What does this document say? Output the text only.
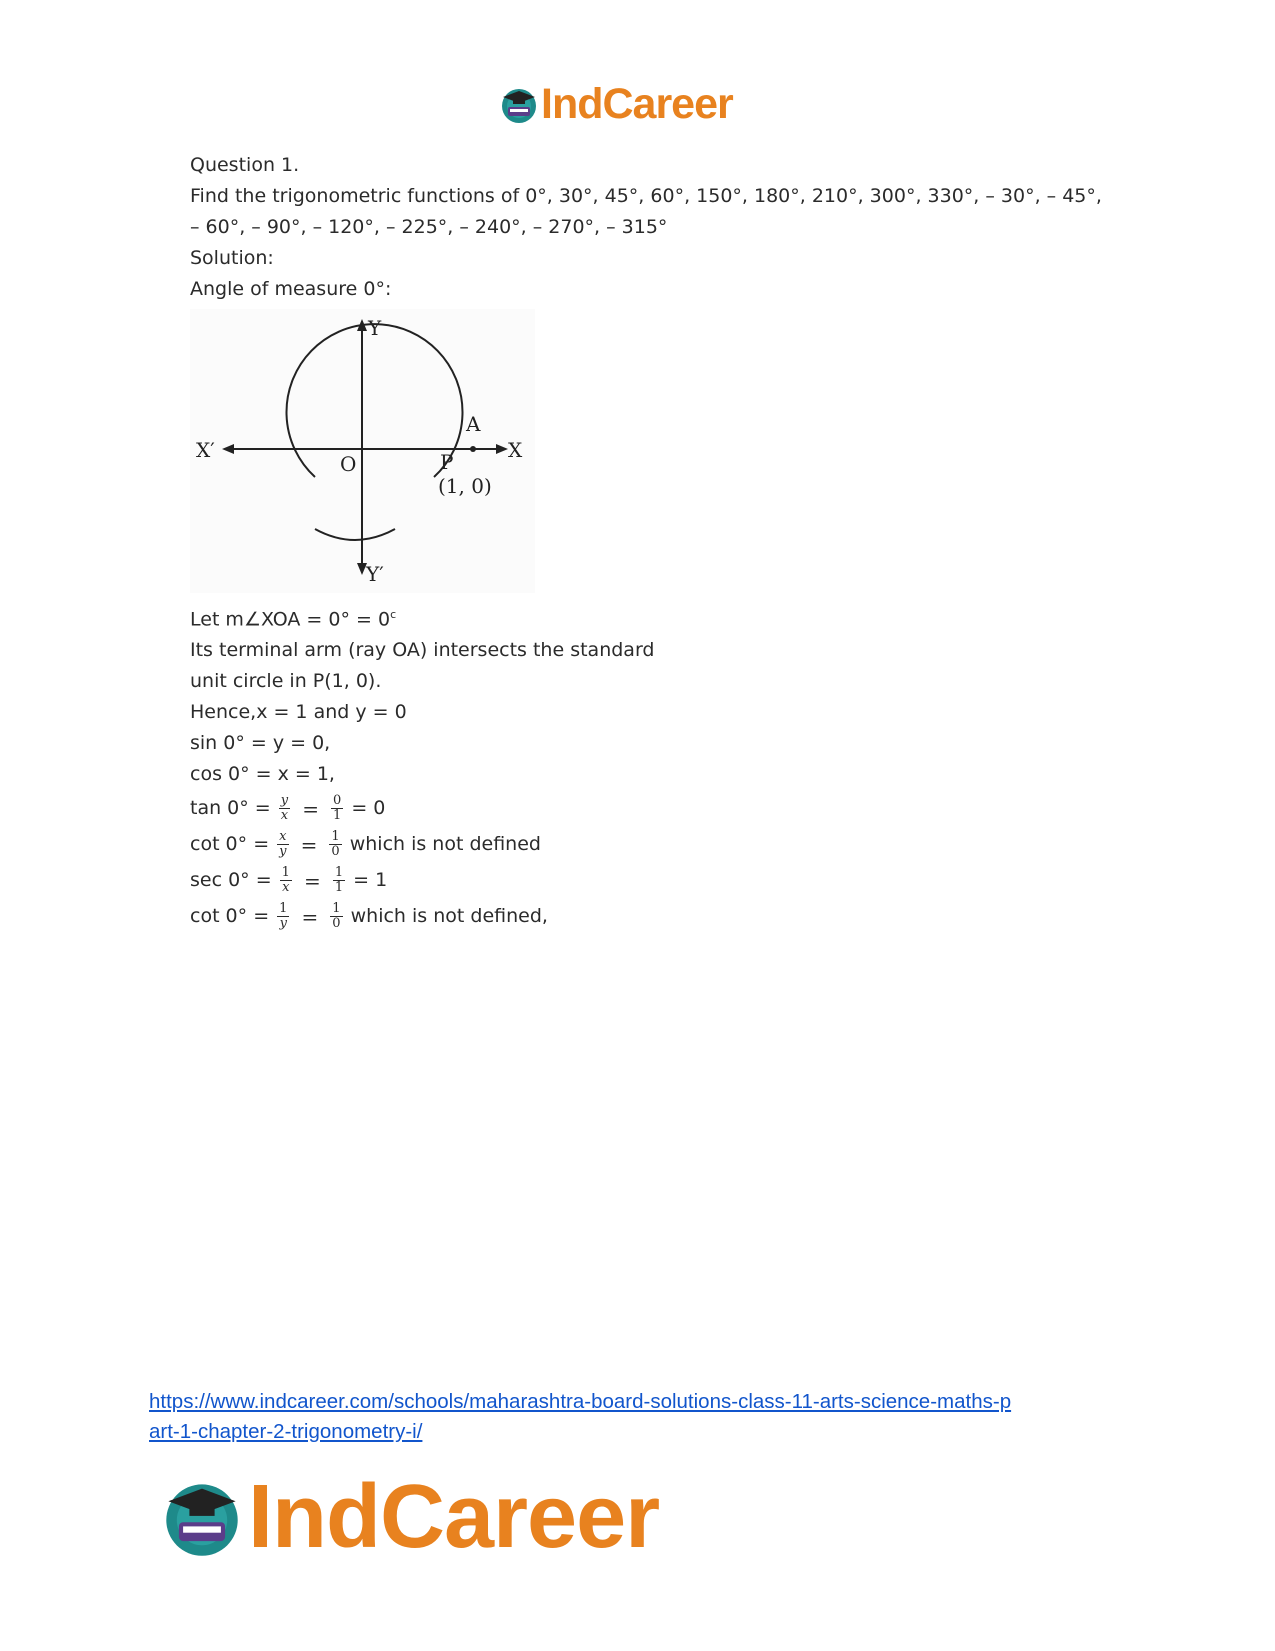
IndCareer
Question 1.
Find the trigonometric functions of 0°, 30°, 45°, 60°, 150°, 180°, 210°, 300°, 330°, – 30°, – 45°, – 60°, – 90°, – 120°, – 225°, – 240°, – 270°, – 315°
Solution:
Angle of measure 0°:
Y
Y′
X
X′
O
A
P
(1, 0)
Let m∠XOA = $0^\circ = 0^c$
Its terminal arm (ray OA) intersects the standard
unit circle in P(1, 0).
Hence,x = 1 and y = 0
sin 0° = y = 0,
cos 0° = x = 1,
$\tan 0^\circ = \frac{y}{x} = \frac{0}{1} = 0$
$\cot 0^\circ = \frac{x}{y} = \frac{1}{0}$ which is not defined
$\sec 0^\circ = \frac{1}{x} = \frac{1}{1} = 1$
$\cot 0^\circ = \frac{1}{y} = \frac{1}{0}$ which is not defined,
https://www.indcareer.com/schools/maharashtra-board-solutions-class-11-arts-science-maths-p
art-1-chapter-2-trigonometry-i/
IndCareer
